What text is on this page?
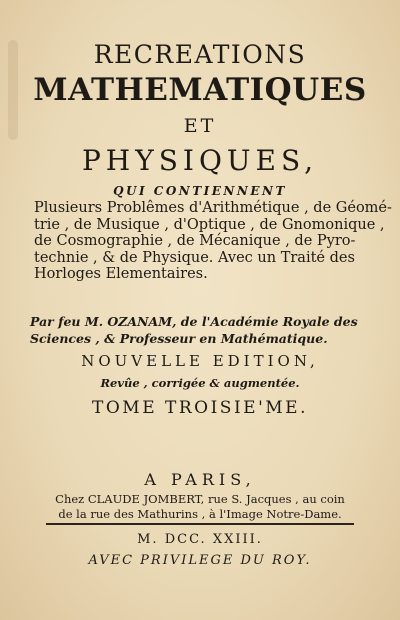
RECREATIONS
MATHEMATIQUES
ET
PHYSIQUES,
QUI CONTIENNENT
Plusieurs Problêmes d'Arithmétique , de Géomé-
trie , de Musique , d'Optique , de Gnomonique ,
de Cosmographie , de Mécanique , de Pyro-
technie , & de Physique. Avec un Traité des
Horloges Elementaires.
Par feu M. OZANAM, de l'Académie Royale des
Sciences , & Professeur en Mathématique.
NOUVELLE EDITION,
Revûe , corrigée & augmentée.
TOME TROISIE'ME.
A PARIS,
Chez CLAUDE JOMBERT, rue S. Jacques , au coin
de la rue des Mathurins , à l'Image Notre-Dame.
M. DCC. XXIII.
AVEC PRIVILEGE DU ROY.
